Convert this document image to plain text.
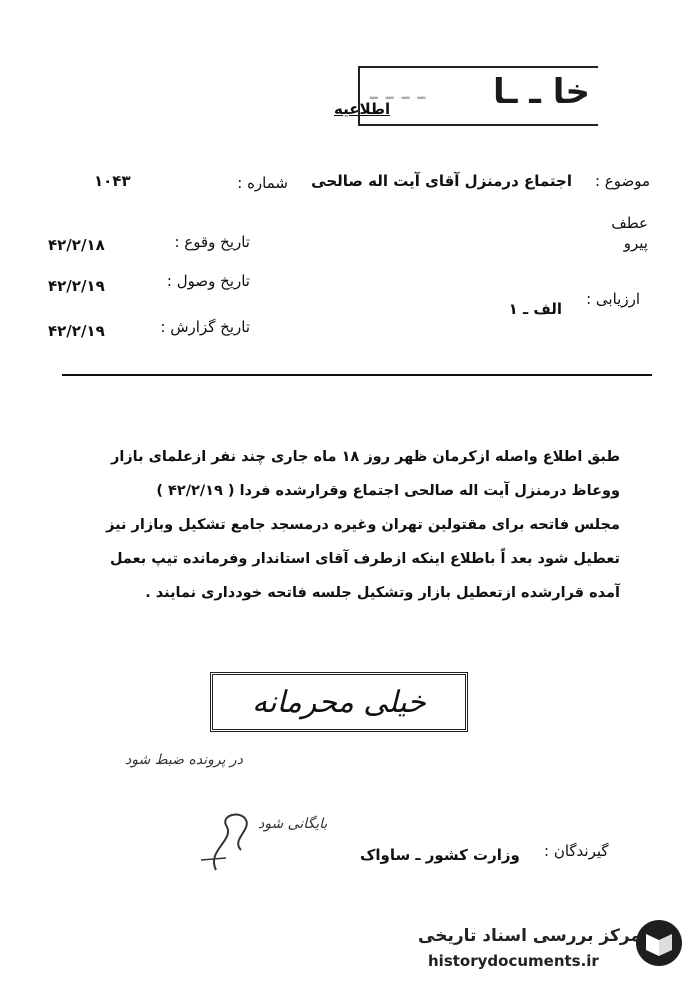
ـ ـ ـ ـ خا ـ ـا
اطلاعیه
موضوع :
اجتماع درمنزل آقای آیت اله صالحی
شماره :
۱۰۴۳
عطف
پیرو
ارزیابی :
الف ـ ۱
تاریخ وقوع :
۴۲/۲/۱۸
تاریخ وصول :
۴۲/۲/۱۹
تاریخ گزارش :
۴۲/۲/۱۹
طبق اطلاع واصله ازکرمان ظهر روز ۱۸ ماه جاری چند نفر ازعلمای بازار
ووعاظ درمنزل آیت اله صالحی اجتماع وقرارشده فردا ( ۴۲/۲/۱۹ )
مجلس فاتحه برای مقتولین تهران وغیره درمسجد جامع تشکیل وبازار نیز
تعطیل شود بعد اً باطلاع اینکه ازطرف آقای استاندار وفرمانده تیپ بعمل
آمده قرارشده ازتعطیل بازار وتشکیل جلسه فاتحه خودداری نمایند .
خیلی محرمانه
در پرونده ضبط شود
بایگانی شود
گیرندگان :
وزارت کشور ـ ساواک
مرکز بررسی اسناد تاریخی
historydocuments.ir
